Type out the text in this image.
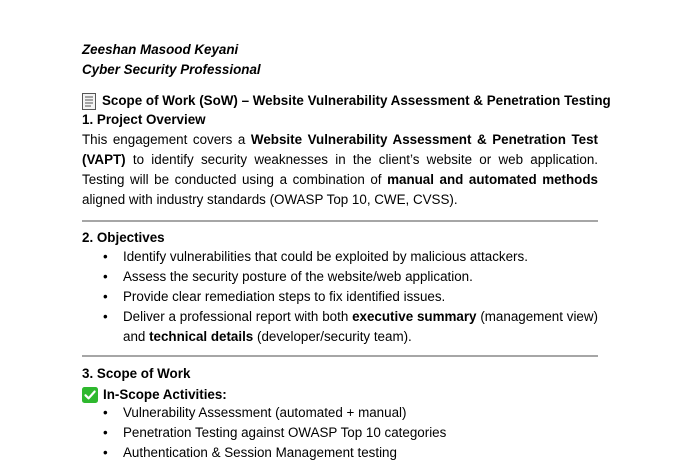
Zeeshan Masood Keyani
Cyber Security Professional
Scope of Work (SoW) – Website Vulnerability Assessment & Penetration Testing
1. Project Overview
This engagement covers a Website Vulnerability Assessment & Penetration Test (VAPT) to identify security weaknesses in the client’s website or web application. Testing will be conducted using a combination of manual and automated methods aligned with industry standards (OWASP Top 10, CWE, CVSS).
2. Objectives
• Identify vulnerabilities that could be exploited by malicious attackers.
• Assess the security posture of the website/web application.
• Provide clear remediation steps to fix identified issues.
• Deliver a professional report with both executive summary (management view) and technical details (developer/security team).
3. Scope of Work
In-Scope Activities:
• Vulnerability Assessment (automated + manual)
• Penetration Testing against OWASP Top 10 categories
• Authentication & Session Management testing
